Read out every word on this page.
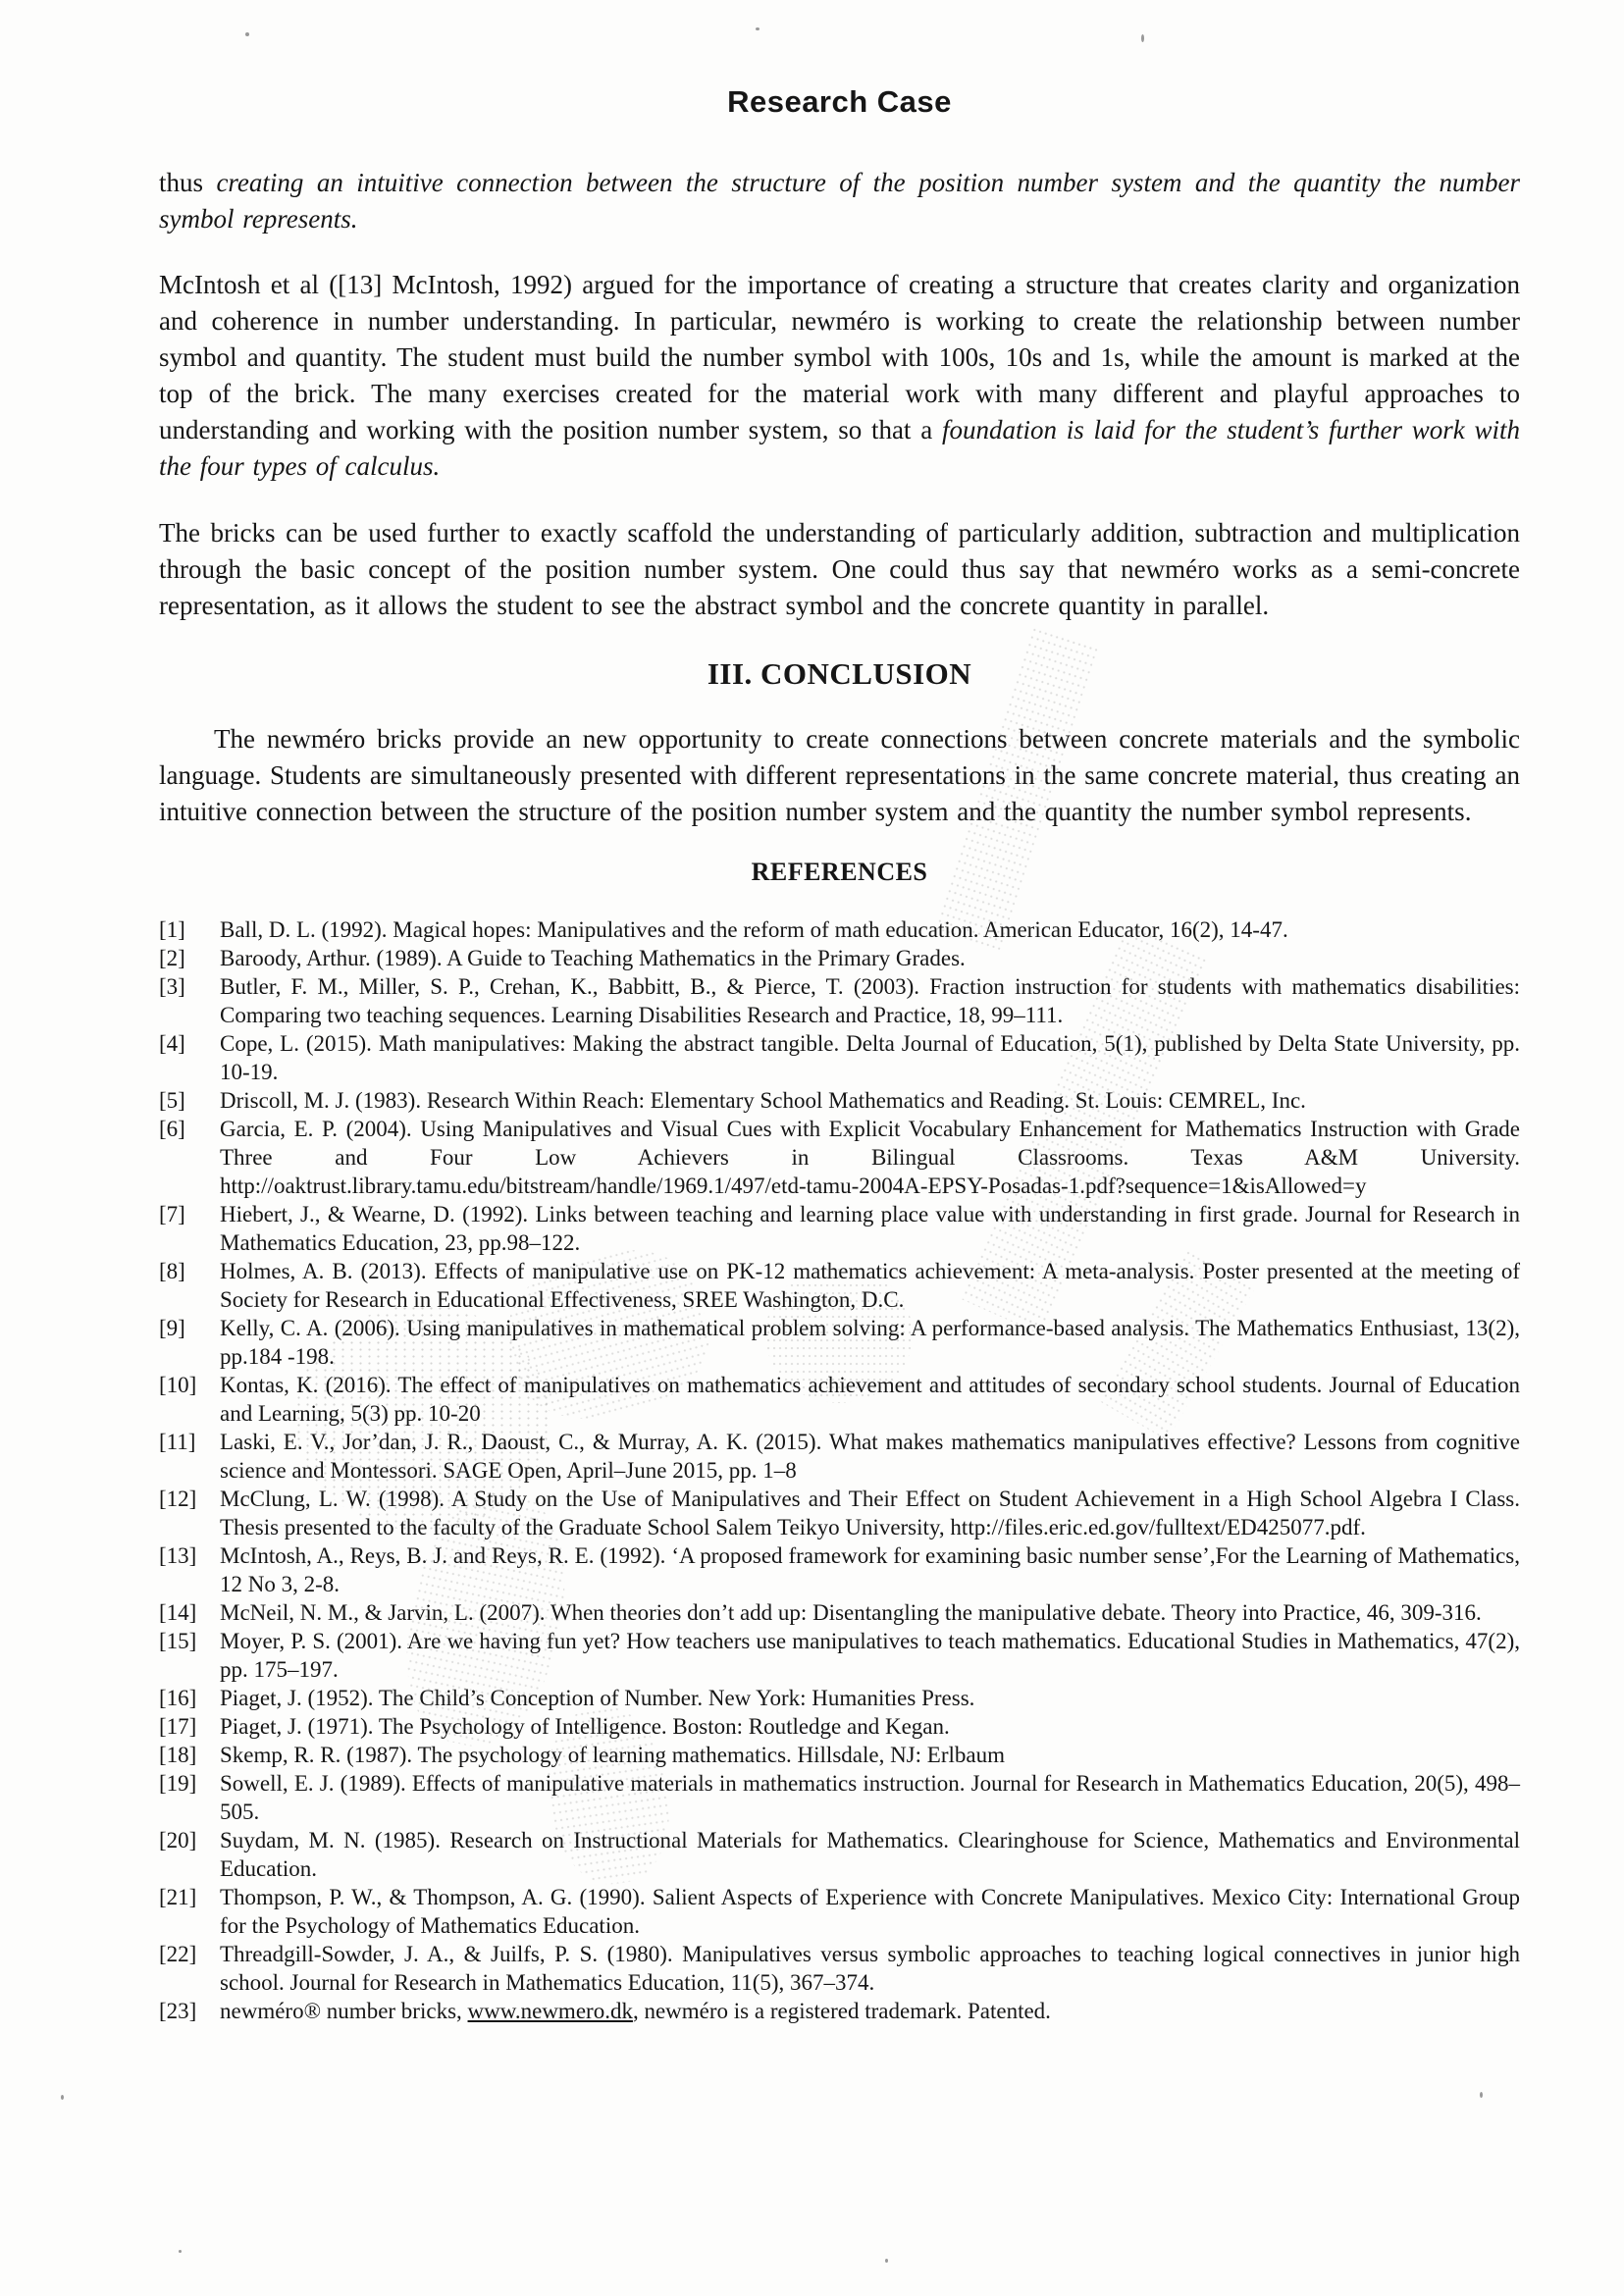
Research Case

thus creating an intuitive connection between the structure of the position number system and the quantity the number symbol represents.

McIntosh et al ([13] McIntosh, 1992) argued for the importance of creating a structure that creates clarity and organization and coherence in number understanding. In particular, newméro is working to create the relationship between number symbol and quantity. The student must build the number symbol with 100s, 10s and 1s, while the amount is marked at the top of the brick. The many exercises created for the material work with many different and playful approaches to understanding and working with the position number system, so that a foundation is laid for the student’s further work with the four types of calculus.

The bricks can be used further to exactly scaffold the understanding of particularly addition, subtraction and multiplication through the basic concept of the position number system. One could thus say that newméro works as a semi-concrete representation, as it allows the student to see the abstract symbol and the concrete quantity in parallel.

III. CONCLUSION

The newméro bricks provide an new opportunity to create connections between concrete materials and the symbolic language. Students are simultaneously presented with different representations in the same concrete material, thus creating an intuitive connection between the structure of the position number system and the quantity the number symbol represents.

REFERENCES
[1] Ball, D. L. (1992). Magical hopes: Manipulatives and the reform of math education. American Educator, 16(2), 14-47.
[2] Baroody, Arthur. (1989). A Guide to Teaching Mathematics in the Primary Grades.
[3] Butler, F. M., Miller, S. P., Crehan, K., Babbitt, B., & Pierce, T. (2003). Fraction instruction for students with mathematics disabilities: Comparing two teaching sequences. Learning Disabilities Research and Practice, 18, 99–111.
[4] Cope, L. (2015). Math manipulatives: Making the abstract tangible. Delta Journal of Education, 5(1), published by Delta State University, pp. 10-19.
[5] Driscoll, M. J. (1983). Research Within Reach: Elementary School Mathematics and Reading. St. Louis: CEMREL, Inc.
[6] Garcia, E. P. (2004). Using Manipulatives and Visual Cues with Explicit Vocabulary Enhancement for Mathematics Instruction with Grade Three and Four Low Achievers in Bilingual Classrooms. Texas A&M University. http://oaktrust.library.tamu.edu/bitstream/handle/1969.1/497/etd-tamu-2004A-EPSY-Posadas-1.pdf?sequence=1&isAllowed=y
[7] Hiebert, J., & Wearne, D. (1992). Links between teaching and learning place value with understanding in first grade. Journal for Research in Mathematics Education, 23, pp.98–122.
[8] Holmes, A. B. (2013). Effects of manipulative use on PK-12 mathematics achievement: A meta-analysis. Poster presented at the meeting of Society for Research in Educational Effectiveness, SREE Washington, D.C.
[9] Kelly, C. A. (2006). Using manipulatives in mathematical problem solving: A performance-based analysis. The Mathematics Enthusiast, 13(2), pp.184 -198.
[10] Kontas, K. (2016). The effect of manipulatives on mathematics achievement and attitudes of secondary school students. Journal of Education and Learning, 5(3) pp. 10-20
[11] Laski, E. V., Jor’dan, J. R., Daoust, C., & Murray, A. K. (2015). What makes mathematics manipulatives effective? Lessons from cognitive science and Montessori. SAGE Open, April–June 2015, pp. 1–8
[12] McClung, L. W. (1998). A Study on the Use of Manipulatives and Their Effect on Student Achievement in a High School Algebra I Class. Thesis presented to the faculty of the Graduate School Salem Teikyo University, http://files.eric.ed.gov/fulltext/ED425077.pdf.
[13] McIntosh, A., Reys, B. J. and Reys, R. E. (1992). ‘A proposed framework for examining basic number sense’,For the Learning of Mathematics, 12 No 3, 2-8.
[14] McNeil, N. M., & Jarvin, L. (2007). When theories don’t add up: Disentangling the manipulative debate. Theory into Practice, 46, 309-316.
[15] Moyer, P. S. (2001). Are we having fun yet? How teachers use manipulatives to teach mathematics. Educational Studies in Mathematics, 47(2), pp. 175–197.
[16] Piaget, J. (1952). The Child’s Conception of Number. New York: Humanities Press.
[17] Piaget, J. (1971). The Psychology of Intelligence. Boston: Routledge and Kegan.
[18] Skemp, R. R. (1987). The psychology of learning mathematics. Hillsdale, NJ: Erlbaum
[19] Sowell, E. J. (1989). Effects of manipulative materials in mathematics instruction. Journal for Research in Mathematics Education, 20(5), 498–505.
[20] Suydam, M. N. (1985). Research on Instructional Materials for Mathematics. Clearinghouse for Science, Mathematics and Environmental Education.
[21] Thompson, P. W., & Thompson, A. G. (1990). Salient Aspects of Experience with Concrete Manipulatives. Mexico City: International Group for the Psychology of Mathematics Education.
[22] Threadgill-Sowder, J. A., & Juilfs, P. S. (1980). Manipulatives versus symbolic approaches to teaching logical connectives in junior high school. Journal for Research in Mathematics Education, 11(5), 367–374.
[23] newméro® number bricks, www.newmero.dk, newméro is a registered trademark. Patented.
